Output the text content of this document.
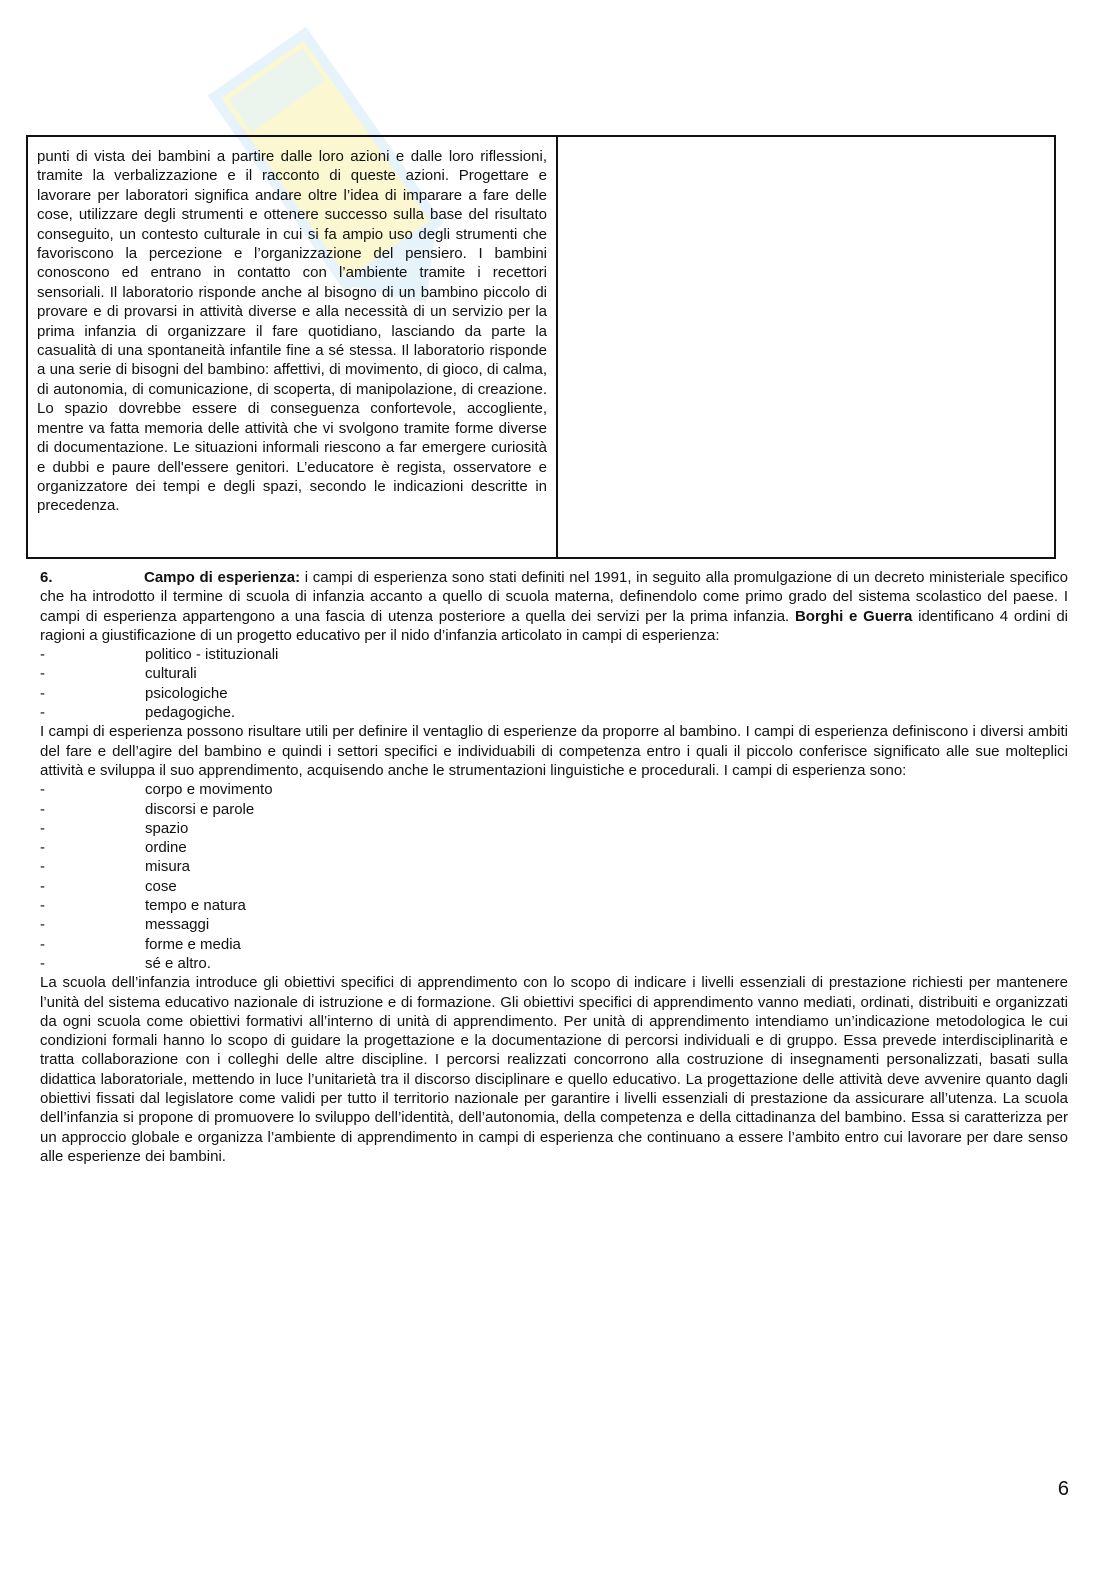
punti di vista dei bambini a partire dalle loro azioni e dalle loro riflessioni, tramite la verbalizzazione e il racconto di queste azioni. Progettare e lavorare per laboratori significa andare oltre l’idea di imparare a fare delle cose, utilizzare degli strumenti e ottenere successo sulla base del risultato conseguito, un contesto culturale in cui si fa ampio uso degli strumenti che favoriscono la percezione e l’organizzazione del pensiero. I bambini conoscono ed entrano in contatto con l’ambiente tramite i recettori sensoriali. Il laboratorio risponde anche al bisogno di un bambino piccolo di provare e di provarsi in attività diverse e alla necessità di un servizio per la prima infanzia di organizzare il fare quotidiano, lasciando da parte la casualità di una spontaneità infantile fine a sé stessa. Il laboratorio risponde a una serie di bisogni del bambino: affettivi, di movimento, di gioco, di calma, di autonomia, di comunicazione, di scoperta, di manipolazione, di creazione. Lo spazio dovrebbe essere di conseguenza confortevole, accogliente, mentre va fatta memoria delle attività che vi svolgono tramite forme diverse di documentazione. Le situazioni informali riescono a far emergere curiosità e dubbi e paure dell'essere genitori. L’educatore è regista, osservatore e organizzatore dei tempi e degli spazi, secondo le indicazioni descritte in precedenza.

6.	Campo di esperienza: i campi di esperienza sono stati definiti nel 1991, in seguito alla promulgazione di un decreto ministeriale specifico che ha introdotto il termine di scuola di infanzia accanto a quello di scuola materna, definendolo come primo grado del sistema scolastico del paese. I campi di esperienza appartengono a una fascia di utenza posteriore a quella dei servizi per la prima infanzia. Borghi e Guerra identificano 4 ordini di ragioni a giustificazione di un progetto educativo per il nido d’infanzia articolato in campi di esperienza:

-	politico - istituzionali
-	culturali
-	psicologiche
-	pedagogiche.

I campi di esperienza possono risultare utili per definire il ventaglio di esperienze da proporre al bambino. I campi di esperienza definiscono i diversi ambiti del fare e dell’agire del bambino e quindi i settori specifici e individuabili di competenza entro i quali il piccolo conferisce significato alle sue molteplici attività e sviluppa il suo apprendimento, acquisendo anche le strumentazioni linguistiche e procedurali. I campi di esperienza sono:

-	corpo e movimento
-	discorsi e parole
-	spazio
-	ordine
-	misura
-	cose
-	tempo e natura
-	messaggi
-	forme e media
-	sé e altro.

La scuola dell’infanzia introduce gli obiettivi specifici di apprendimento con lo scopo di indicare i livelli essenziali di prestazione richiesti per mantenere l’unità del sistema educativo nazionale di istruzione e di formazione. Gli obiettivi specifici di apprendimento vanno mediati, ordinati, distribuiti e organizzati da ogni scuola come obiettivi formativi all’interno di unità di apprendimento. Per unità di apprendimento intendiamo un’indicazione metodologica le cui condizioni formali hanno lo scopo di guidare la progettazione e la documentazione di percorsi individuali e di gruppo. Essa prevede interdisciplinarità e tratta collaborazione con i colleghi delle altre discipline. I percorsi realizzati concorrono alla costruzione di insegnamenti personalizzati, basati sulla didattica laboratoriale, mettendo in luce l’unitarietà tra il discorso disciplinare e quello educativo. La progettazione delle attività deve avvenire quanto dagli obiettivi fissati dal legislatore come validi per tutto il territorio nazionale per garantire i livelli essenziali di prestazione da assicurare all’utenza. La scuola dell’infanzia si propone di promuovere lo sviluppo dell’identità, dell’autonomia, della competenza e della cittadinanza del bambino. Essa si caratterizza per un approccio globale e organizza l’ambiente di apprendimento in campi di esperienza che continuano a essere l’ambito entro cui lavorare per dare senso alle esperienze dei bambini.

6
